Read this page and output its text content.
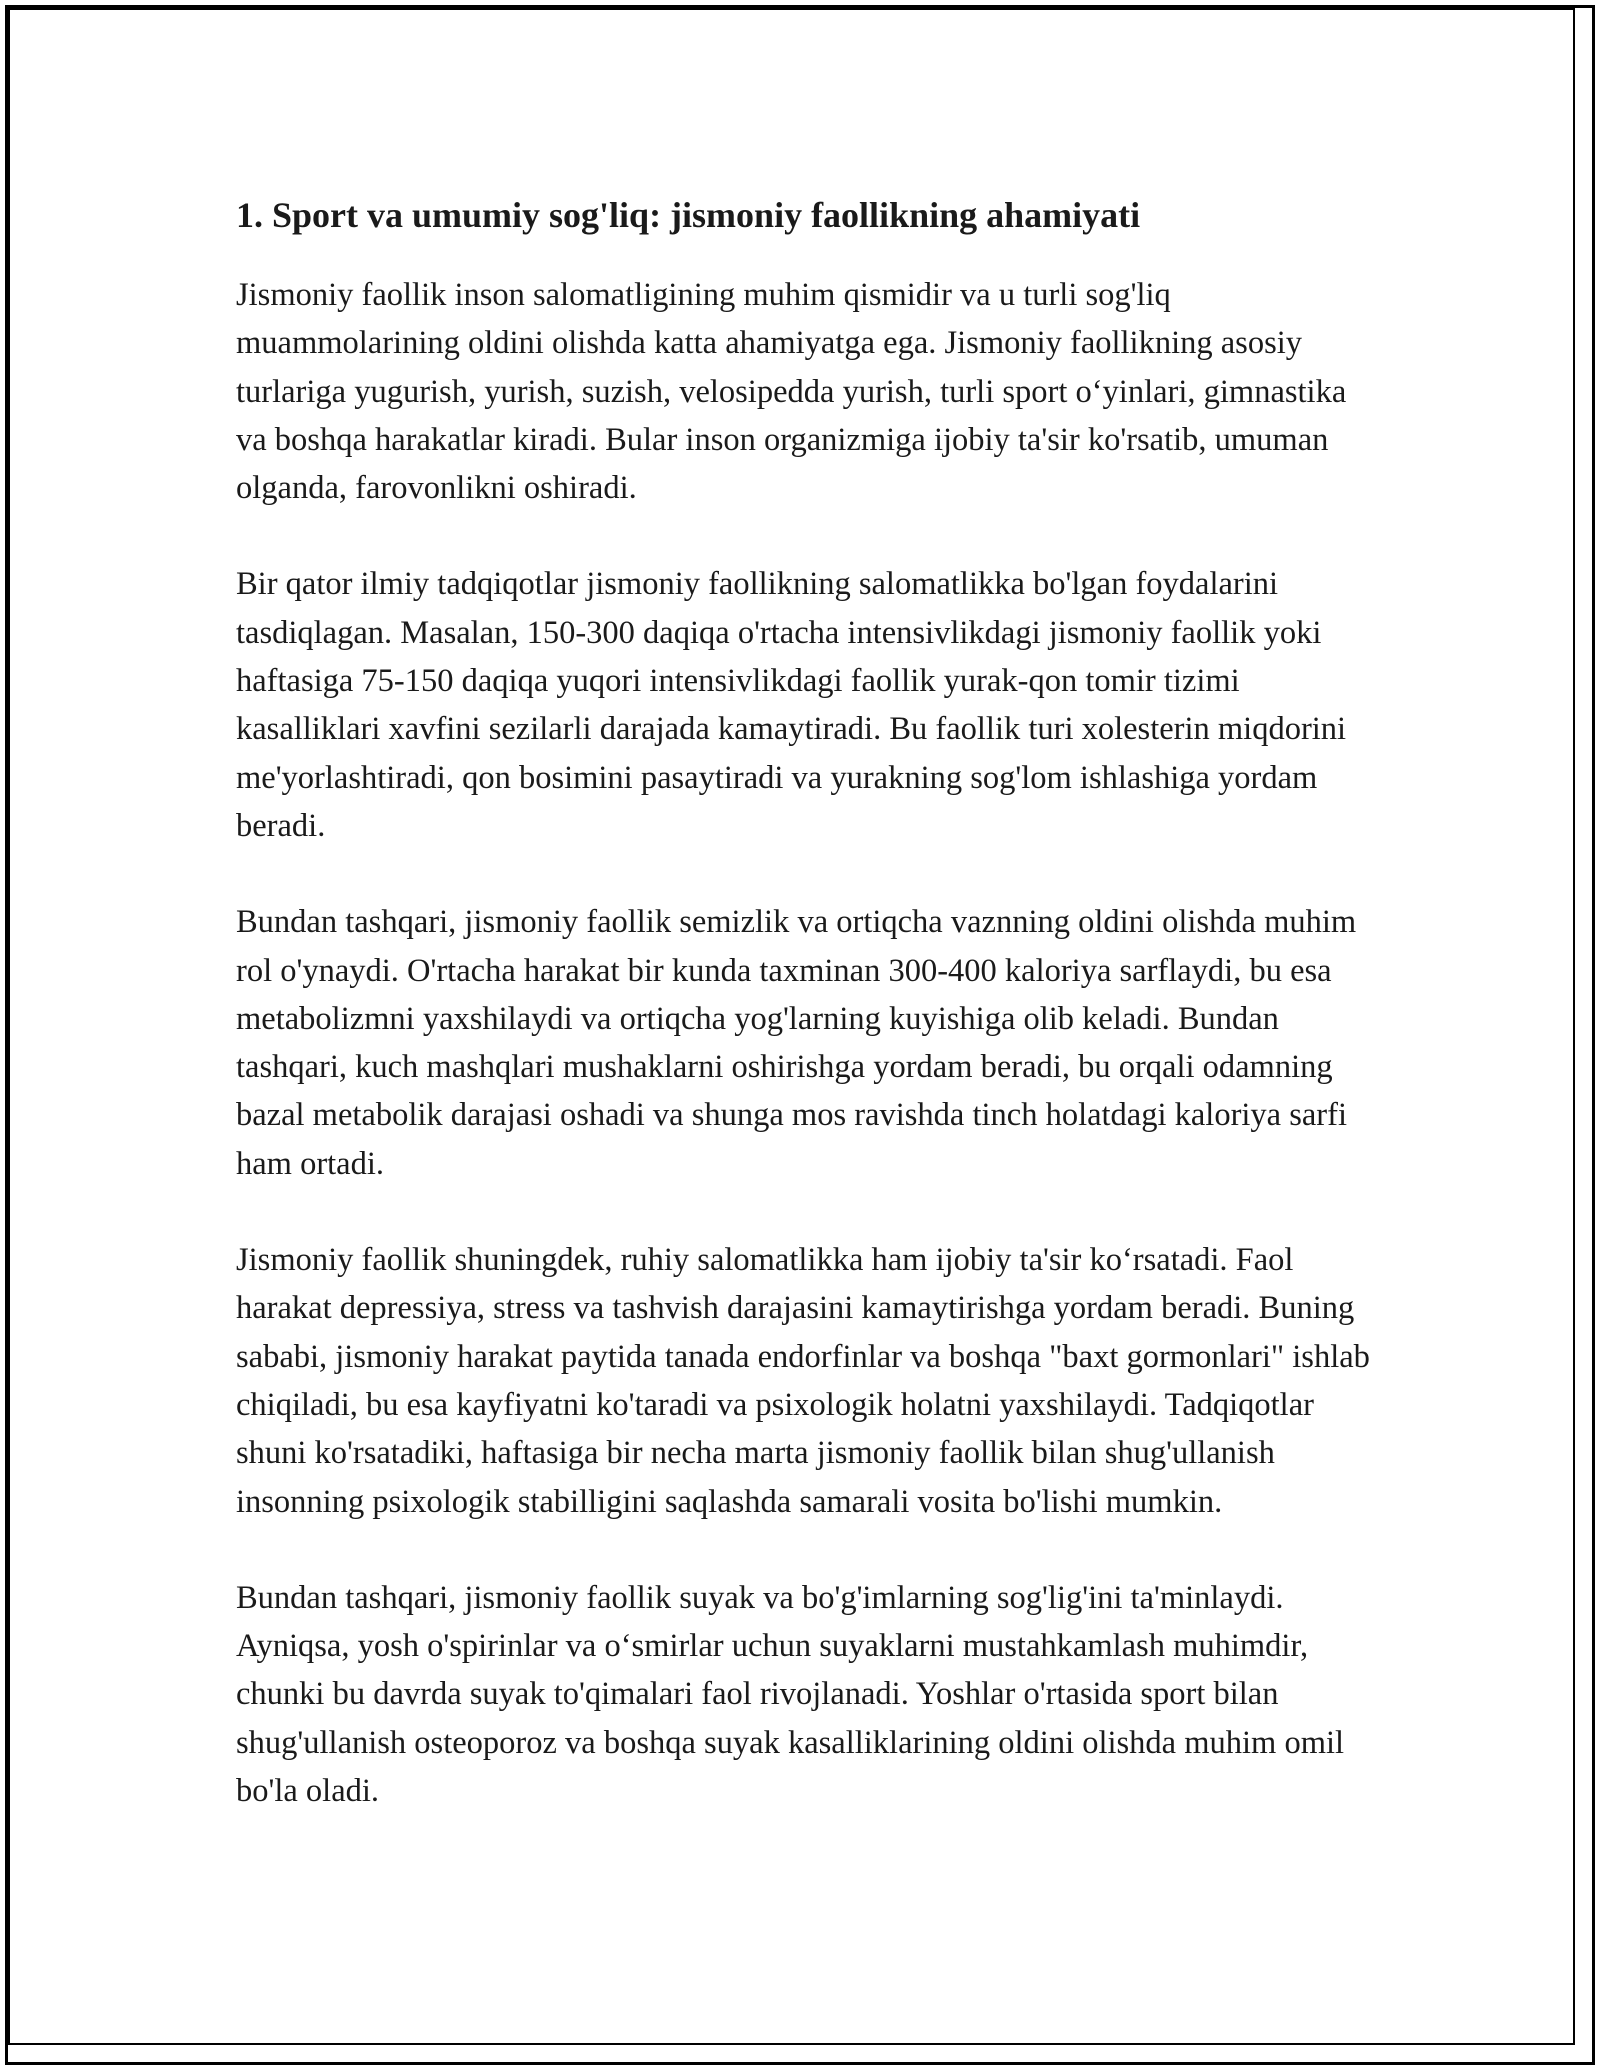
1. Sport va umumiy sog'liq: jismoniy faollikning ahamiyati

Jismoniy faollik inson salomatligining muhim qismidir va u turli sog'liq muammolarining oldini olishda katta ahamiyatga ega. Jismoniy faollikning asosiy turlariga yugurish, yurish, suzish, velosipedda yurish, turli sport o‘yinlari, gimnastika va boshqa harakatlar kiradi. Bular inson organizmiga ijobiy ta'sir ko'rsatib, umuman olganda, farovonlikni oshiradi.

Bir qator ilmiy tadqiqotlar jismoniy faollikning salomatlikka bo'lgan foydalarini tasdiqlagan. Masalan, 150-300 daqiqa o'rtacha intensivlikdagi jismoniy faollik yoki haftasiga 75-150 daqiqa yuqori intensivlikdagi faollik yurak-qon tomir tizimi kasalliklari xavfini sezilarli darajada kamaytiradi. Bu faollik turi xolesterin miqdorini me'yorlashtiradi, qon bosimini pasaytiradi va yurakning sog'lom ishlashiga yordam beradi.

Bundan tashqari, jismoniy faollik semizlik va ortiqcha vaznning oldini olishda muhim rol o'ynaydi. O'rtacha harakat bir kunda taxminan 300-400 kaloriya sarflaydi, bu esa metabolizmni yaxshilaydi va ortiqcha yog'larning kuyishiga olib keladi. Bundan tashqari, kuch mashqlari mushaklarni oshirishga yordam beradi, bu orqali odamning bazal metabolik darajasi oshadi va shunga mos ravishda tinch holatdagi kaloriya sarfi ham ortadi.

Jismoniy faollik shuningdek, ruhiy salomatlikka ham ijobiy ta'sir ko‘rsatadi. Faol harakat depressiya, stress va tashvish darajasini kamaytirishga yordam beradi. Buning sababi, jismoniy harakat paytida tanada endorfinlar va boshqa "baxt gormonlari" ishlab chiqiladi, bu esa kayfiyatni ko'taradi va psixologik holatni yaxshilaydi. Tadqiqotlar shuni ko'rsatadiki, haftasiga bir necha marta jismoniy faollik bilan shug'ullanish insonning psixologik stabilligini saqlashda samarali vosita bo'lishi mumkin.

Bundan tashqari, jismoniy faollik suyak va bo'g'imlarning sog'lig'ini ta'minlaydi. Ayniqsa, yosh o'spirinlar va o‘smirlar uchun suyaklarni mustahkamlash muhimdir, chunki bu davrda suyak to'qimalari faol rivojlanadi. Yoshlar o'rtasida sport bilan shug'ullanish osteoporoz va boshqa suyak kasalliklarining oldini olishda muhim omil bo'la oladi.
